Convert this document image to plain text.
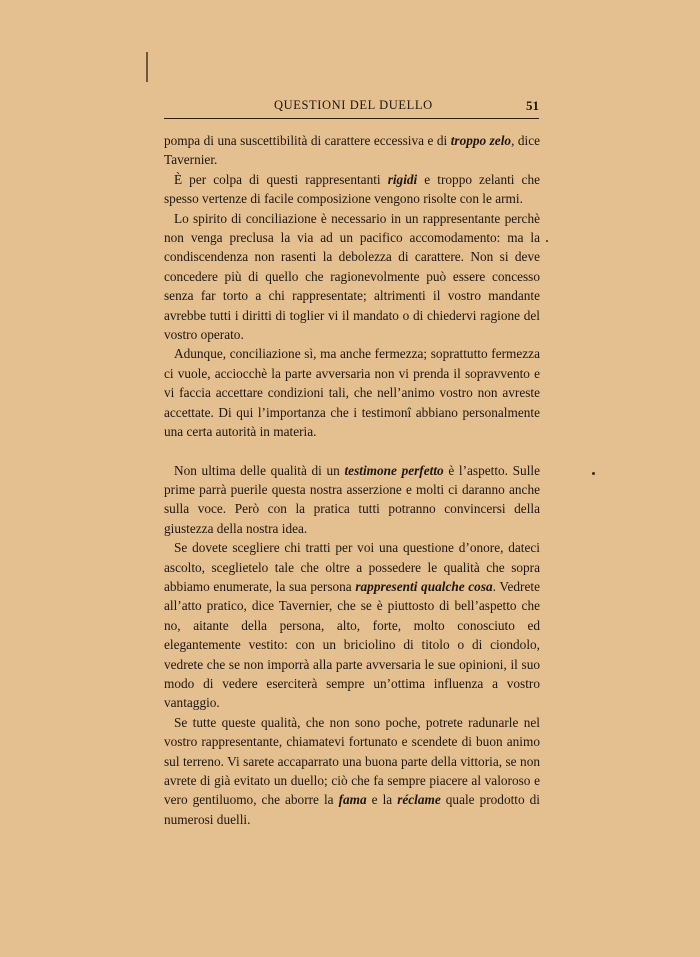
QUESTIONI DEL DUELLO	51

pompa di una suscettibilità di carattere eccessiva e di troppo zelo, dice Tavernier.

È per colpa di questi rappresentanti rigidi e troppo zelanti che spesso vertenze di facile composizione vengono risolte con le armi.

Lo spirito di conciliazione è necessario in un rappresentante perchè non venga preclusa la via ad un pacifico accomodamento: ma la condiscendenza non rasenti la debolezza di carattere. Non si deve concedere più di quello che ragionevolmente può essere concesso senza far torto a chi rappresentate; altrimenti il vostro mandante avrebbe tutti i diritti di toglier vi il mandato o di chiedervi ragione del vostro operato.

Adunque, conciliazione sì, ma anche fermezza; soprattutto fermezza ci vuole, acciocchè la parte avversaria non vi prenda il sopravvento e vi faccia accettare condizioni tali, che nell’animo vostro non avreste accettate. Di qui l’importanza che i testimonî abbiano personalmente una certa autorità in materia.

Non ultima delle qualità di un testimone perfetto è l’aspetto. Sulle prime parrà puerile questa nostra asserzione e molti ci daranno anche sulla voce. Però con la pratica tutti potranno convincersi della giustezza della nostra idea.

Se dovete scegliere chi tratti per voi una questione d’onore, dateci ascolto, sceglietelo tale che oltre a possedere le qualità che sopra abbiamo enumerate, la sua persona rappresenti qualche cosa. Vedrete all’atto pratico, dice Tavernier, che se è piuttosto di bell’aspetto che no, aitante della persona, alto, forte, molto conosciuto ed elegantemente vestito: con un briciolino di titolo o di ciondolo, vedrete che se non imporrà alla parte avversaria le sue opinioni, il suo modo di vedere eserciterà sempre un’ottima influenza a vostro vantaggio.

Se tutte queste qualità, che non sono poche, potrete radunarle nel vostro rappresentante, chiamatevi fortunato e scendete di buon animo sul terreno. Vi sarete accaparrato una buona parte della vittoria, se non avrete di già evitato un duello; ciò che fa sempre piacere al valoroso e vero gentiluomo, che aborre la fama e la réclame quale prodotto di numerosi duelli.
